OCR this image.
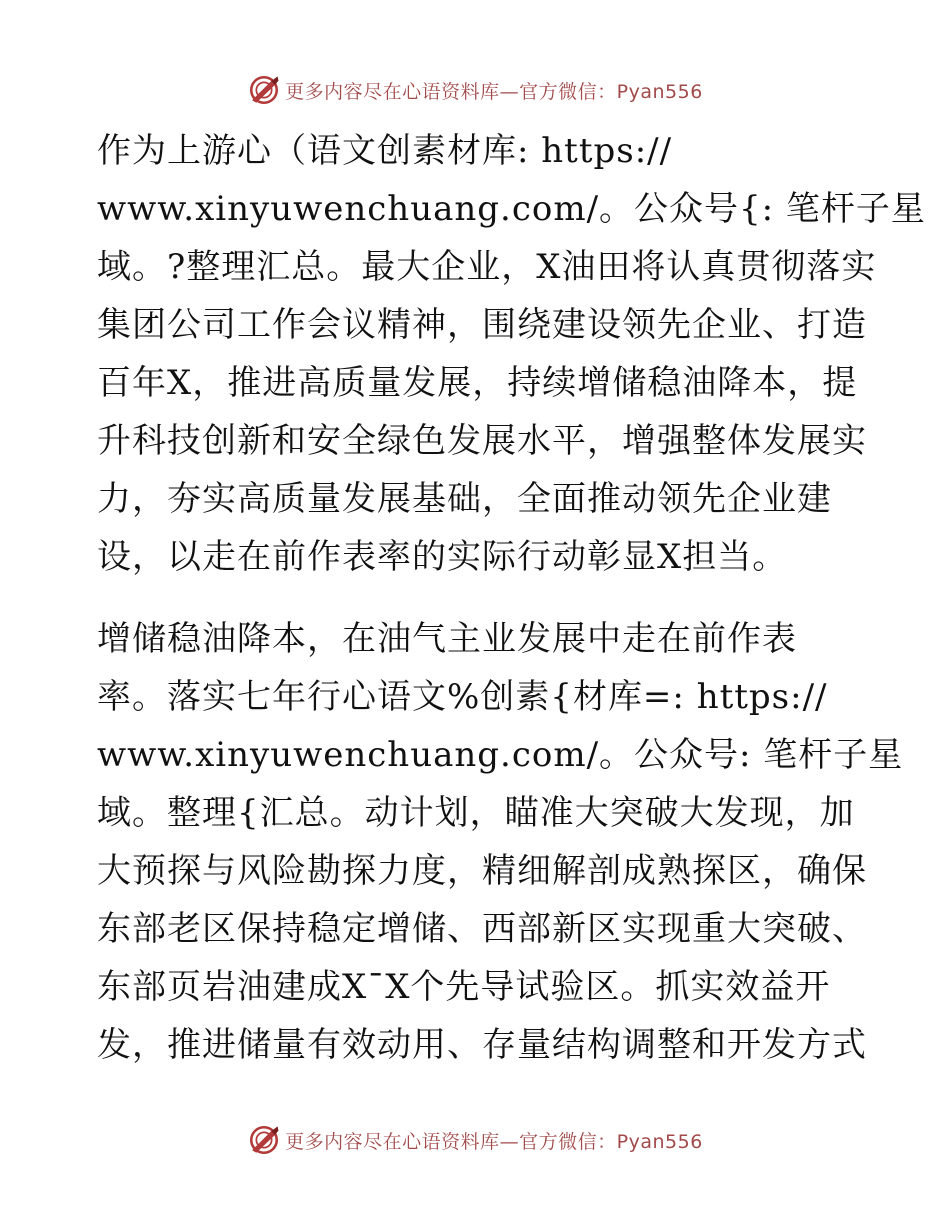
更多内容尽在心语资料库—官方微信：Pyan556
作为上游心（语文创素材库: https://
www.xinyuwenchuang.com/。公众号{: 笔杆子星
域。?整理汇总。最大企业，X油田将认真贯彻落实
集团公司工作会议精神，围绕建设领先企业、打造
百年X，推进高质量发展，持续增储稳油降本，提
升科技创新和安全绿色发展水平，增强整体发展实
力，夯实高质量发展基础，全面推动领先企业建
设，以走在前作表率的实际行动彰显X担当。
增储稳油降本，在油气主业发展中走在前作表
率。落实七年行心语文%创素{材库=: https://
www.xinyuwenchuang.com/。公众号: 笔杆子星
域。整理{汇总。动计划，瞄准大突破大发现，加
大预探与风险勘探力度，精细解剖成熟探区，确保
东部老区保持稳定增储、西部新区实现重大突破、
东部页岩油建成X¯X个先导试验区。抓实效益开
发，推进储量有效动用、存量结构调整和开发方式
更多内容尽在心语资料库—官方微信：Pyan556
